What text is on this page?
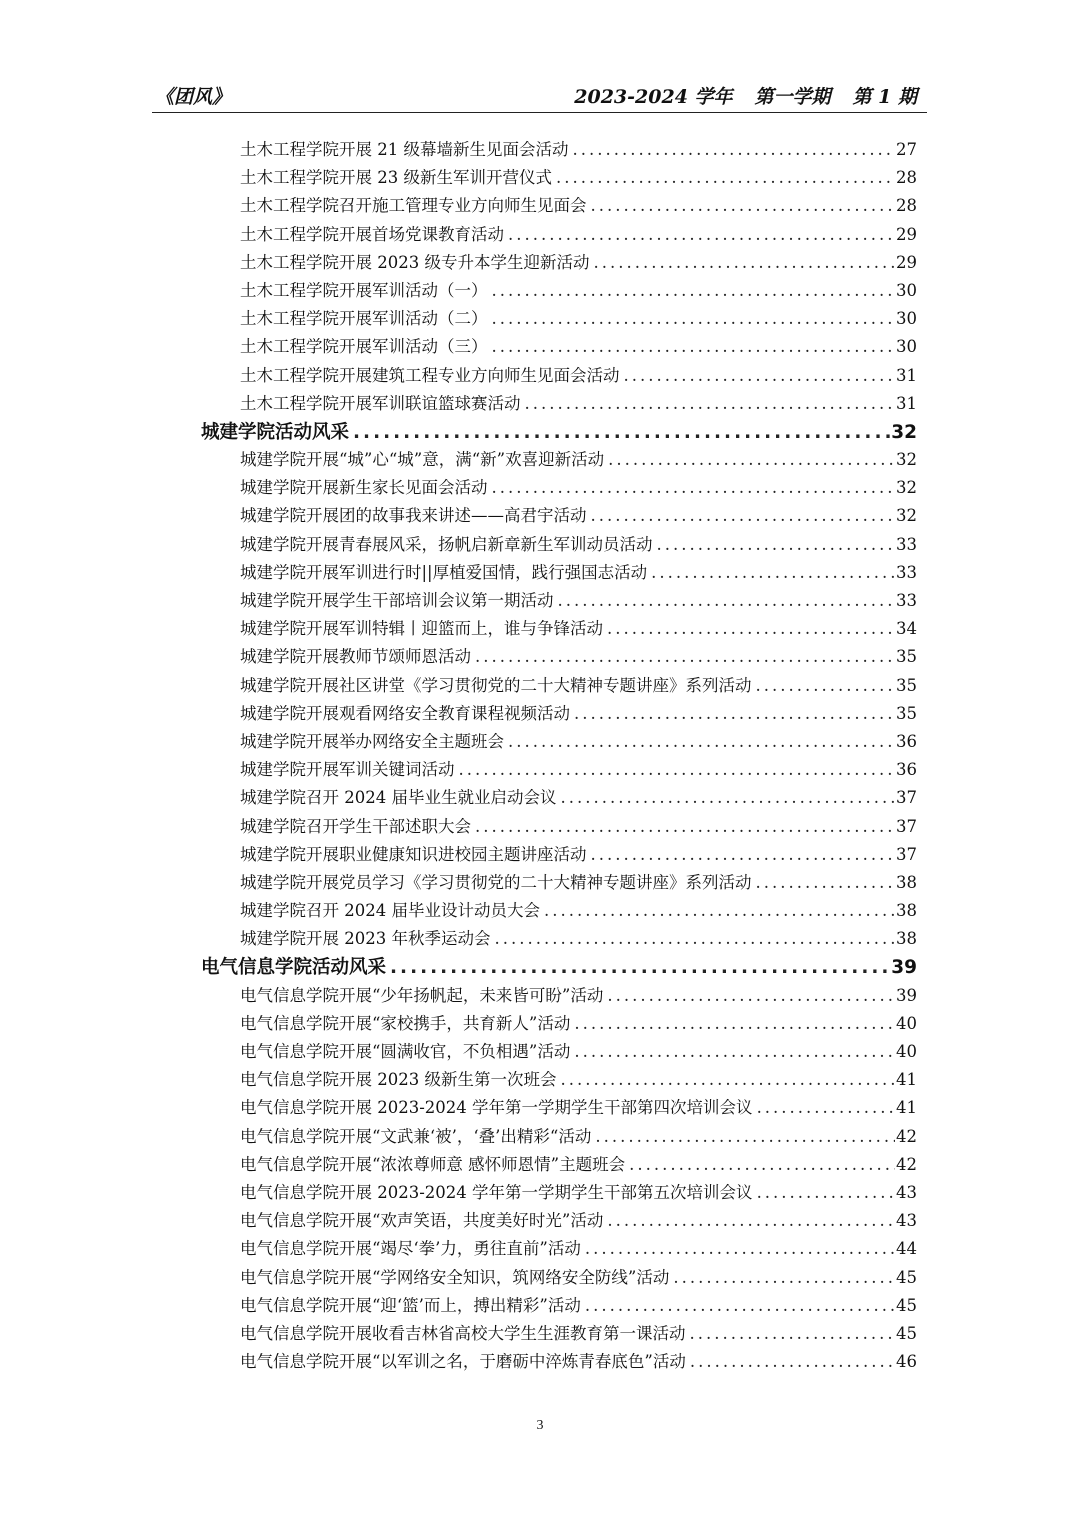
《团风》	2023-2024 学年 第一学期 第 1 期
土木工程学院开展 21 级幕墙新生见面会活动 .....	27
土木工程学院开展 23 级新生军训开营仪式 .....	28
土木工程学院召开施工管理专业方向师生见面会 .....	28
土木工程学院开展首场党课教育活动 .....	29
土木工程学院开展 2023 级专升本学生迎新活动 .....	29
土木工程学院开展军训活动（一） .....	30
土木工程学院开展军训活动（二） .....	30
土木工程学院开展军训活动（三） .....	30
土木工程学院开展建筑工程专业方向师生见面会活动 .....	31
土木工程学院开展军训联谊篮球赛活动 .....	31
城建学院活动风采 .....	32
城建学院开展“城”心“城”意，满“新”欢喜迎新活动 .....	32
城建学院开展新生家长见面会活动 .....	32
城建学院开展团的故事我来讲述——高君宇活动 .....	32
城建学院开展青春展风采，扬帆启新章新生军训动员活动 .....	33
城建学院开展军训进行时||厚植爱国情，践行强国志活动 .....	33
城建学院开展学生干部培训会议第一期活动 .....	33
城建学院开展军训特辑丨迎篮而上，谁与争锋活动 .....	34
城建学院开展教师节颂师恩活动 .....	35
城建学院开展社区讲堂《学习贯彻党的二十大精神专题讲座》系列活动 .....	35
城建学院开展观看网络安全教育课程视频活动 .....	35
城建学院开展举办网络安全主题班会 .....	36
城建学院开展军训关键词活动 .....	36
城建学院召开 2024 届毕业生就业启动会议 .....	37
城建学院召开学生干部述职大会 .....	37
城建学院开展职业健康知识进校园主题讲座活动 .....	37
城建学院开展党员学习《学习贯彻党的二十大精神专题讲座》系列活动 .....	38
城建学院召开 2024 届毕业设计动员大会 .....	38
城建学院开展 2023 年秋季运动会 .....	38
电气信息学院活动风采 .....	39
电气信息学院开展“少年扬帆起，未来皆可盼”活动 .....	39
电气信息学院开展“家校携手，共育新人”活动 .....	40
电气信息学院开展“圆满收官，不负相遇”活动 .....	40
电气信息学院开展 2023 级新生第一次班会 .....	41
电气信息学院开展 2023-2024 学年第一学期学生干部第四次培训会议 .....	41
电气信息学院开展“文武兼‘被’，‘叠’出精彩“活动 .....	42
电气信息学院开展“浓浓尊师意 感怀师恩情”主题班会 .....	42
电气信息学院开展 2023-2024 学年第一学期学生干部第五次培训会议 .....	43
电气信息学院开展“欢声笑语，共度美好时光”活动 .....	43
电气信息学院开展“竭尽‘拳’力，勇往直前”活动 .....	44
电气信息学院开展“学网络安全知识，筑网络安全防线”活动 .....	45
电气信息学院开展“迎‘篮’而上，搏出精彩”活动 .....	45
电气信息学院开展收看吉林省高校大学生生涯教育第一课活动 .....	45
电气信息学院开展“以军训之名，于磨砺中淬炼青春底色”活动 .....	46
3
